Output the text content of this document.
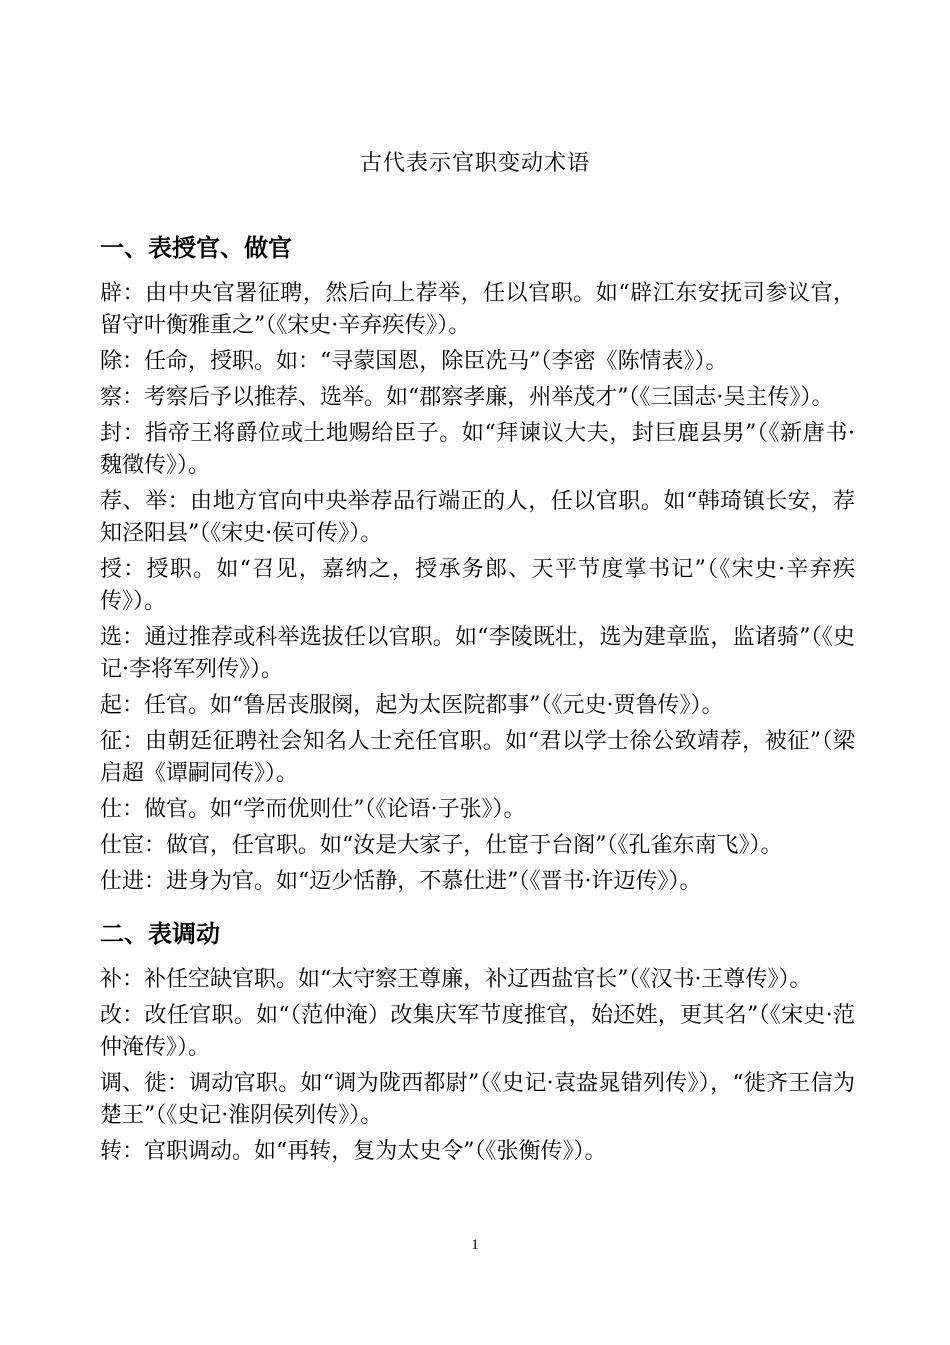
古代表示官职变动术语
一、表授官、做官
辟：由中央官署征聘，然后向上荐举，任以官职。如“辟江东安抚司参议官，留守叶衡雅重之”（《宋史·辛弃疾传》）。
除：任命，授职。如：“寻蒙国恩，除臣冼马”（李密《陈情表》）。
察：考察后予以推荐、选举。如“郡察孝廉，州举茂才”（《三国志·吴主传》）。
封：指帝王将爵位或土地赐给臣子。如“拜谏议大夫，封巨鹿县男”（《新唐书·魏徵传》）。
荐、举：由地方官向中央举荐品行端正的人，任以官职。如“韩琦镇长安，荐知泾阳县”（《宋史·侯可传》）。
授：授职。如“召见，嘉纳之，授承务郎、天平节度掌书记”（《宋史·辛弃疾传》）。
选：通过推荐或科举选拔任以官职。如“李陵既壮，选为建章监，监诸骑”（《史记·李将军列传》）。
起：任官。如“鲁居丧服阕，起为太医院都事”（《元史·贾鲁传》）。
征：由朝廷征聘社会知名人士充任官职。如“君以学士徐公致靖荐，被征”（梁启超《谭嗣同传》）。
仕：做官。如“学而优则仕”（《论语·子张》）。
仕宦：做官，任官职。如“汝是大家子，仕宦于台阁”（《孔雀东南飞》）。
仕进：进身为官。如“迈少恬静，不慕仕进”（《晋书·许迈传》）。
二、表调动
补：补任空缺官职。如“太守察王尊廉，补辽西盐官长”（《汉书·王尊传》）。
改：改任官职。如“（范仲淹）改集庆军节度推官，始还姓，更其名”（《宋史·范仲淹传》）。
调、徙：调动官职。如“调为陇西都尉”（《史记·袁盎晁错列传》），“徙齐王信为楚王”（《史记·淮阴侯列传》）。
转：官职调动。如“再转，复为太史令”（《张衡传》）。
1
